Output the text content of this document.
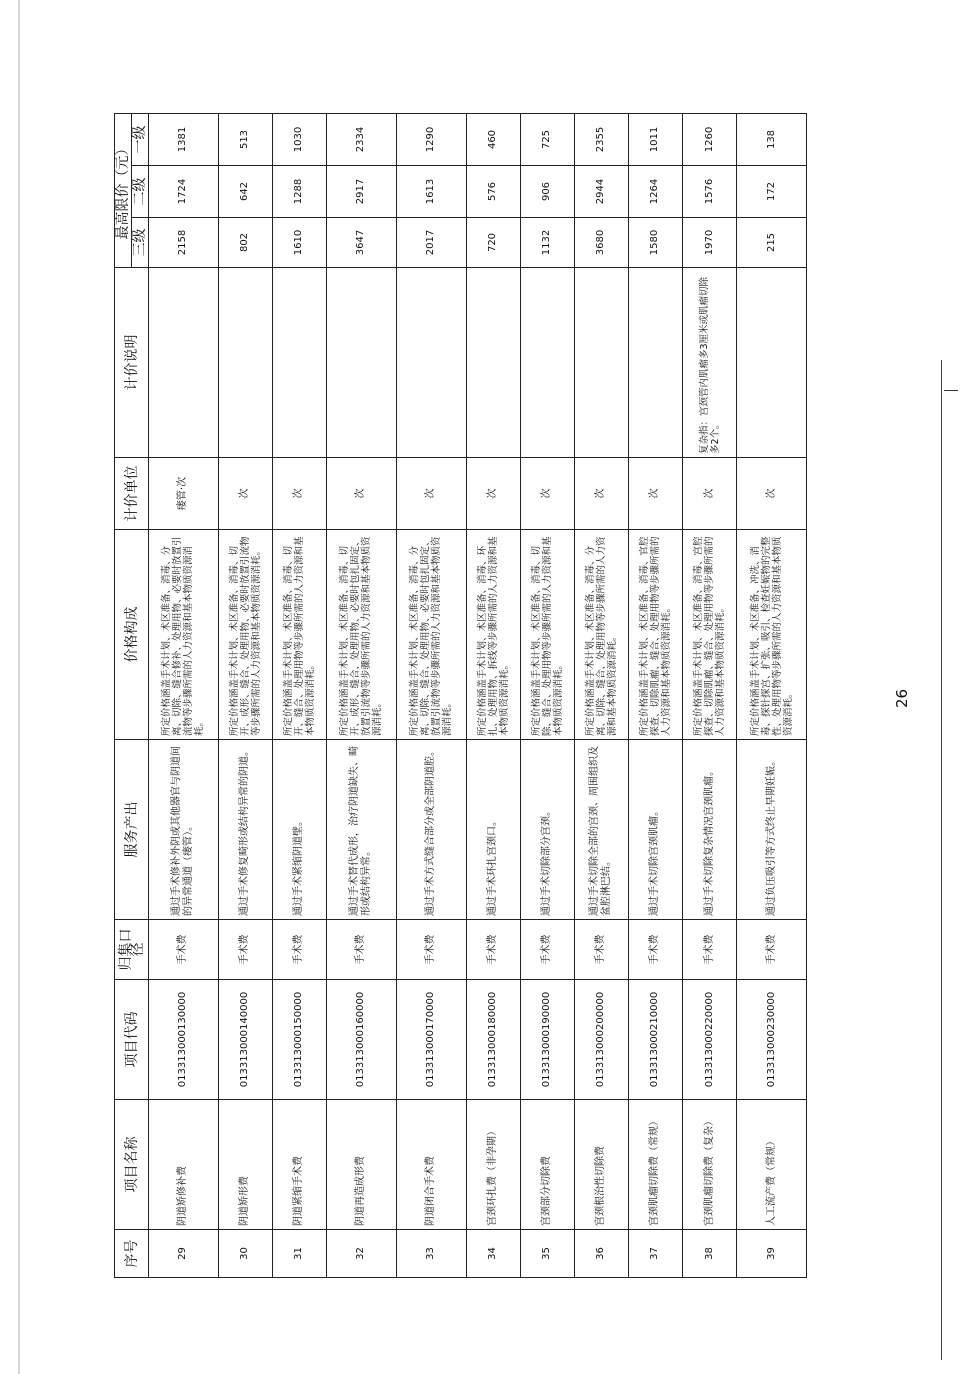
序号	项目名称	项目代码	归集口径	服务产出	价格构成	计价单位	计价说明	最高限价（元）		
								三级	二级	一级
29	阴道矫修补费	013313000130000	手术费	通过手术修补外阴或其他器官与阴道间的异常通道（瘘管）。	所定价格涵盖手术计划、术区准备、消毒、分离、切除、缝合修补、处理用物、必要时放置引流物等步骤所需的人力资源和基本物质资源消耗。	瘘管·次		2158	1724	1381
30	阴道矫形费	013313000140000	手术费	通过手术修复畸形或结构异常的阴道。	所定价格涵盖手术计划、术区准备、消毒、切开、成形、缝合、处理用物、必要时放置引流物等步骤所需的人力资源和基本物质资源消耗。	次		802	642	513
31	阴道紧缩手术费	013313000150000	手术费	通过手术紧缩阴道壁。	所定价格涵盖手术计划、术区准备、消毒、切开、缝合、处理用物等步骤所需的人力资源和基本物质资源消耗。	次		1610	1288	1030
32	阴道再造成形费	013313000160000	手术费	通过手术替代成形，治疗阴道缺失、畸形或结构异常。	所定价格涵盖手术计划、术区准备、消毒、切开、成形、缝合、处理用物、必要时包扎固定、放置引流物等步骤所需的人力资源和基本物质资源消耗。	次		3647	2917	2334
33	阴道闭合手术费	013313000170000	手术费	通过手术方式缝合部分或全部阴道腔。	所定价格涵盖手术计划、术区准备、消毒、分离、切除、缝合、处理用物、必要时包扎固定、放置引流物等步骤所需的人力资源和基本物质资源消耗。	次		2017	1613	1290
34	宫颈环扎费（非孕期）	013313000180000	手术费	通过手术环扎宫颈口。	所定价格涵盖手术计划、术区准备、消毒、环扎、处理用物、拆线等步骤所需的人力资源和基本物质资源消耗。	次		720	576	460
35	宫颈部分切除费	013313000190000	手术费	通过手术切除部分宫颈。	所定价格涵盖手术计划、术区准备、消毒、切除、缝合、处理用物等步骤所需的人力资源和基本物质资源消耗。	次		1132	906	725
36	宫颈根治性切除费	013313000200000	手术费	通过手术切除全部的宫颈、周围组织及盆腔淋巴结。	所定价格涵盖手术计划、术区准备、消毒、分离、切除、缝合、处理用物等步骤所需的人力资源和基本物质资源消耗。	次		3680	2944	2355
37	宫颈肌瘤切除费（常规）	013313000210000	手术费	通过手术切除宫颈肌瘤。	所定价格涵盖手术计划、术区准备、消毒、官腔探查、切除肌瘤、缝合、处理用物等步骤所需的人力资源和基本物质资源消耗。	次		1580	1264	1011
38	宫颈肌瘤切除费（复杂）	013313000220000	手术费	通过手术切除复杂情况宫颈肌瘤。	所定价格涵盖手术计划、术区准备、消毒、宫腔探查、切除肌瘤、缝合、处理用物等步骤所需的人力资源和基本物质资源消耗。	次	复杂指：宫颈管内肌瘤多3厘米或肌瘤切除多2个。	1970	1576	1260
39	人工流产费（常规）	013313000230000	手术费	通过负压吸引等方式终止早期妊娠。	所定价格涵盖手术计划、术区准备、冲洗、消毒、探针探宫、扩张、吸引、检查妊娠物的完整性、处理用物等步骤所需的人力资源和基本物质资源消耗。	次		215	172	138
26
